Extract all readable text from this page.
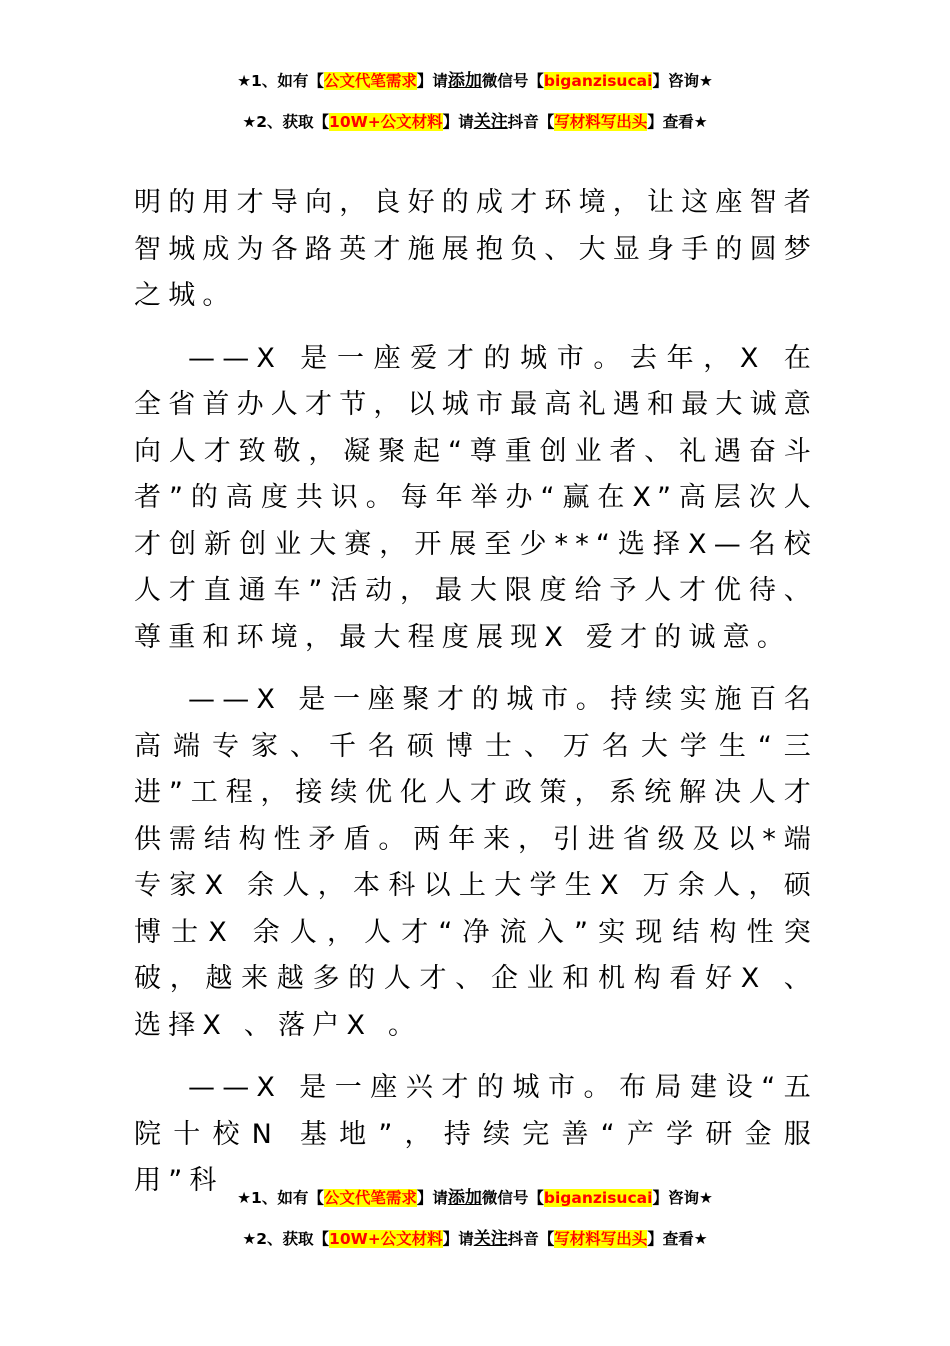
★1、如有【公文代笔需求】请添加微信号【biganzisucai】咨询★
★2、获取【10W+公文材料】请关注抖音【写材料写出头】查看★

明的用才导向，良好的成才环境，让这座智者智城成为各路英才施展抱负、大显身手的圆梦之城。

——X 是一座爱才的城市。去年，X 在全省首办人才节，以城市最高礼遇和最大诚意向人才致敬，凝聚起“尊重创业者、礼遇奋斗者”的高度共识。每年举办“赢在X”高层次人才创新创业大赛，开展至少**“选择X—名校人才直通车”活动，最大限度给予人才优待、尊重和环境，最大程度展现X 爱才的诚意。

——X 是一座聚才的城市。持续实施百名高端专家、千名硕博士、万名大学生“三进”工程，接续优化人才政策，系统解决人才供需结构性矛盾。两年来，引进省级及以*端专家X 余人，本科以上大学生X 万余人，硕博士X 余人，人才“净流入”实现结构性突破，越来越多的人才、企业和机构看好X 、选择X 、落户X 。

——X 是一座兴才的城市。布局建设“五院十校N 基地”，持续完善“产学研金服用”科

★1、如有【公文代笔需求】请添加微信号【biganzisucai】咨询★
★2、获取【10W+公文材料】请关注抖音【写材料写出头】查看★
